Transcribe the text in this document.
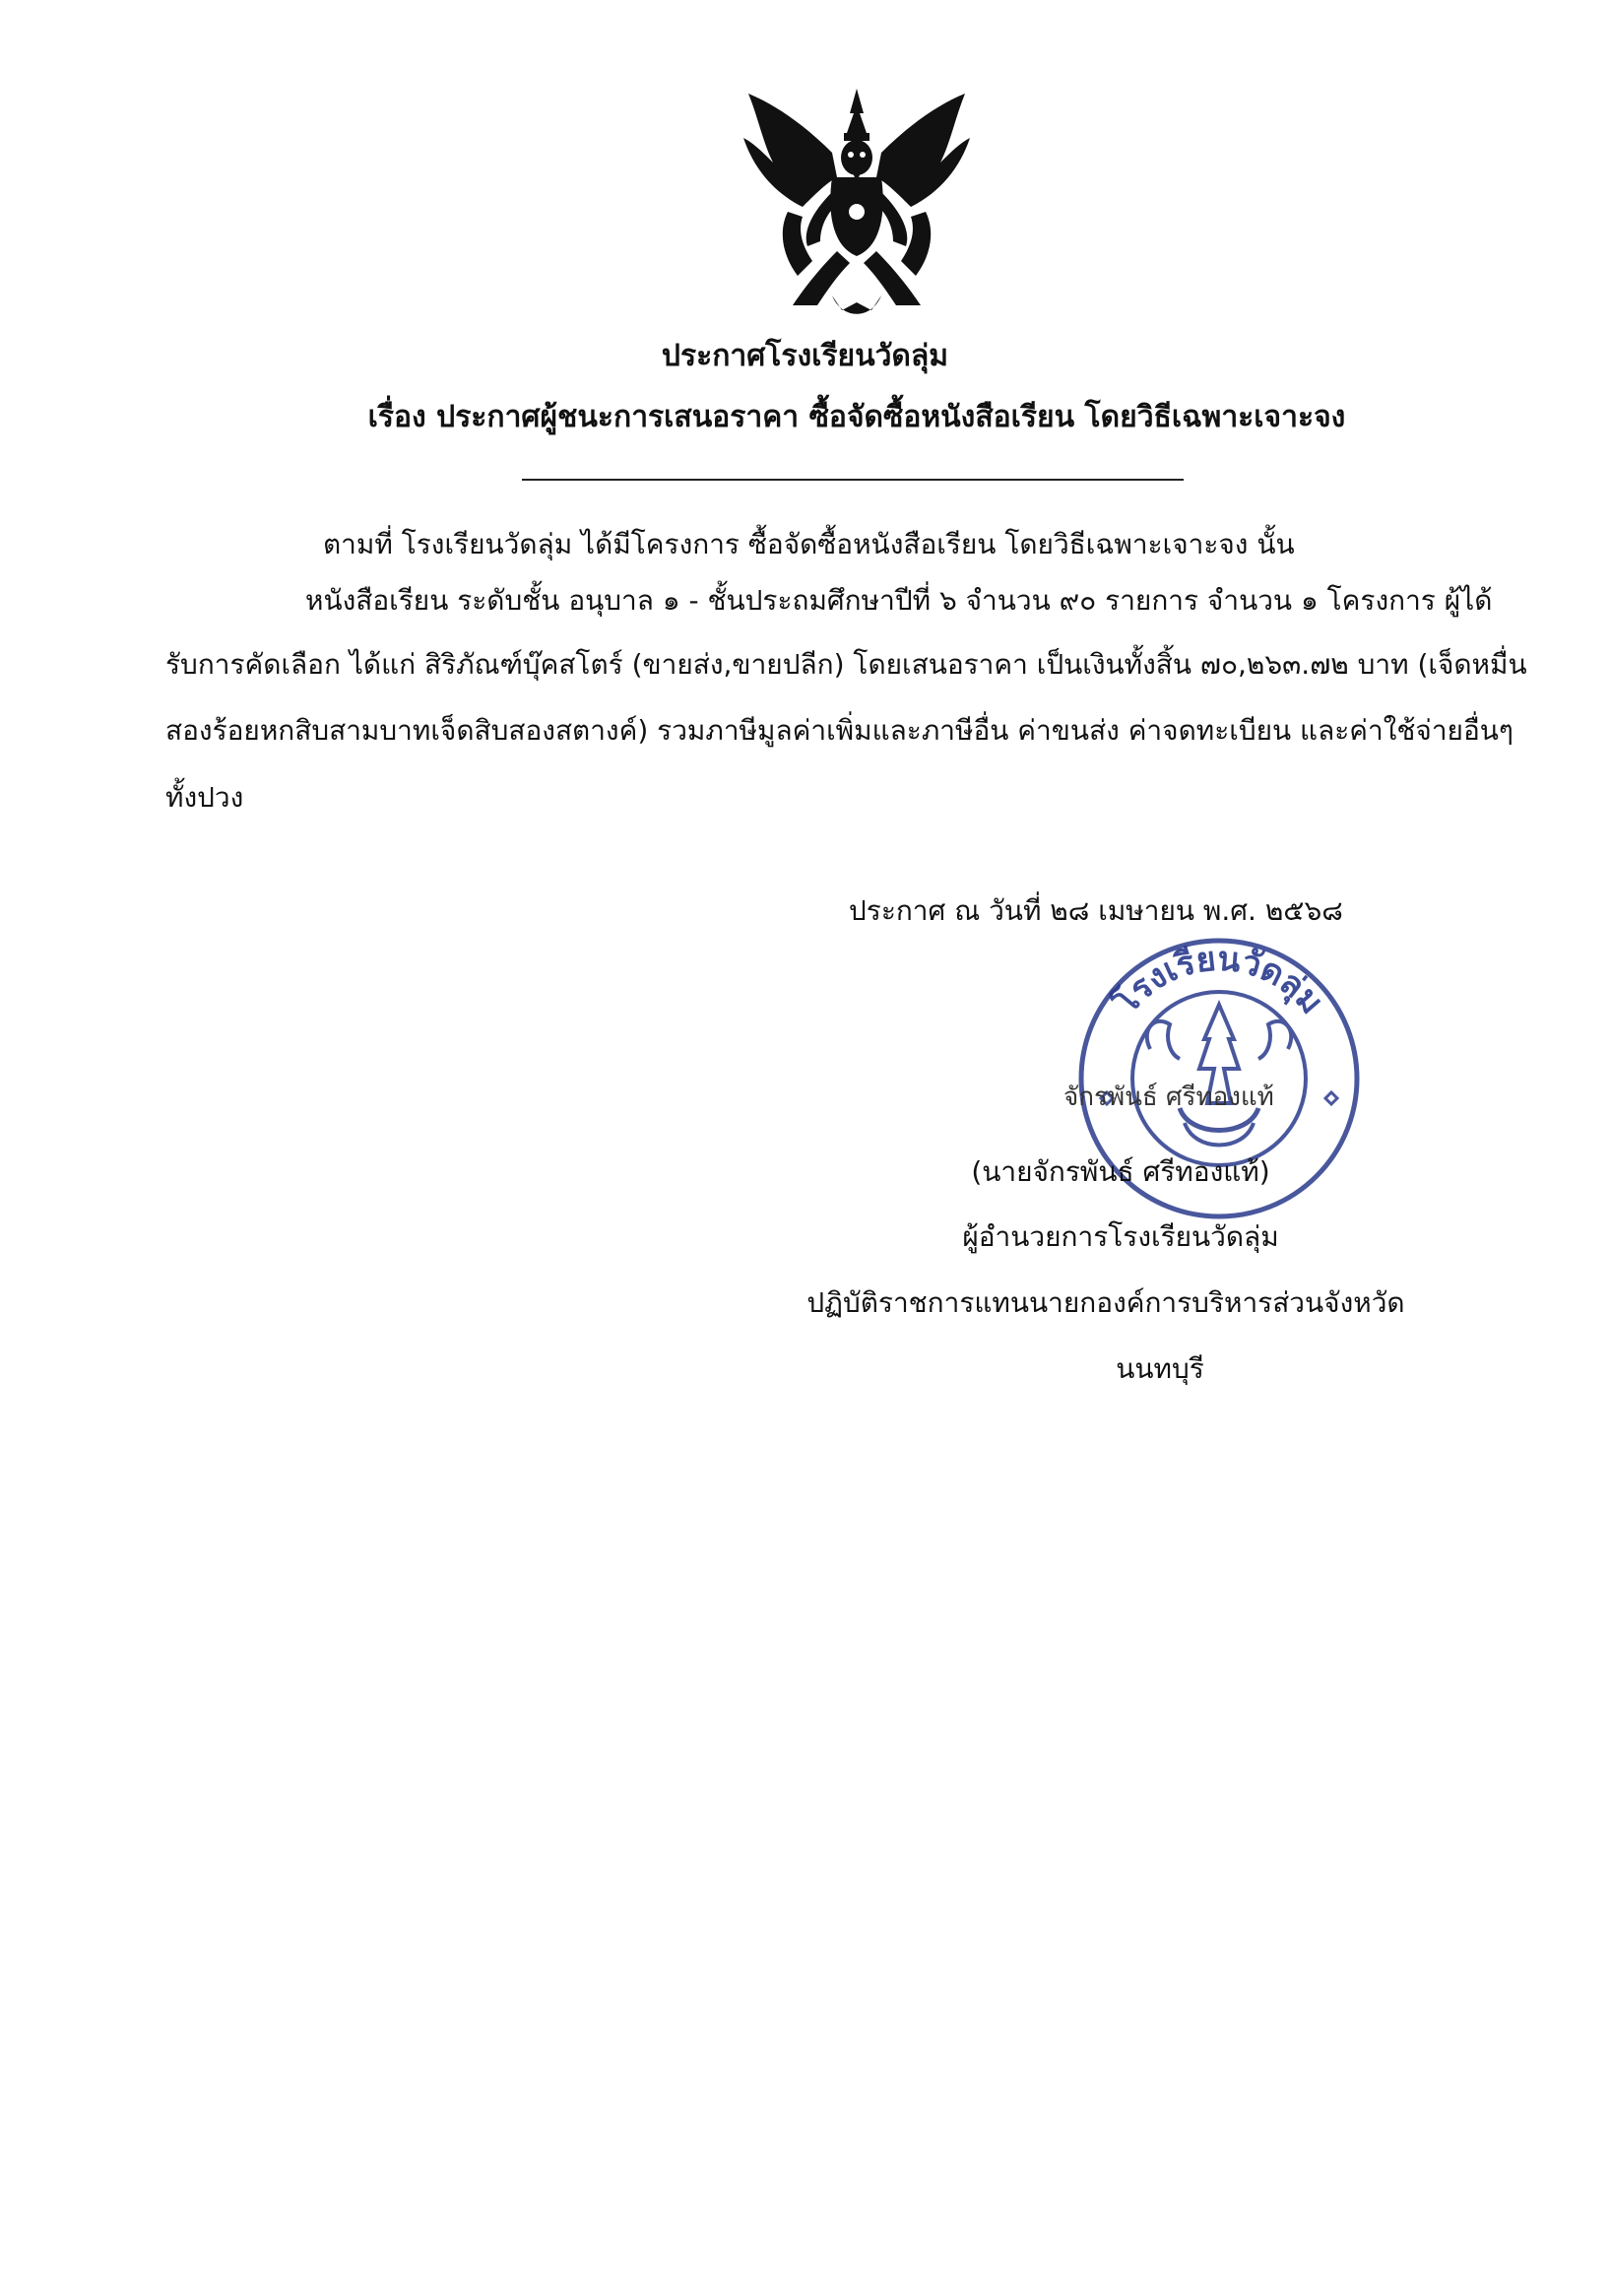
ประกาศโรงเรียนวัดลุ่ม
เรื่อง ประกาศผู้ชนะการเสนอราคา ซื้อจัดซื้อหนังสือเรียน โดยวิธีเฉพาะเจาะจง
ตามที่ โรงเรียนวัดลุ่ม ได้มีโครงการ ซื้อจัดซื้อหนังสือเรียน โดยวิธีเฉพาะเจาะจง นั้น
หนังสือเรียน ระดับชั้น อนุบาล ๑ - ชั้นประถมศึกษาปีที่ ๖ จำนวน ๙๐ รายการ จำนวน ๑ โครงการ ผู้ได้
รับการคัดเลือก ได้แก่ สิริภัณฑ์บุ๊คสโตร์ (ขายส่ง,ขายปลีก) โดยเสนอราคา เป็นเงินทั้งสิ้น ๗๐,๒๖๓.๗๒ บาท (เจ็ดหมื่น
สองร้อยหกสิบสามบาทเจ็ดสิบสองสตางค์) รวมภาษีมูลค่าเพิ่มและภาษีอื่น ค่าขนส่ง ค่าจดทะเบียน และค่าใช้จ่ายอื่นๆ
ทั้งปวง
ประกาศ ณ วันที่ ๒๘ เมษายน พ.ศ. ๒๕๖๘
โรงเรียนวัดลุ่ม
จักรพันธ์ ศรีทองแท้
(นายจักรพันธ์ ศรีทองแท้)
ผู้อำนวยการโรงเรียนวัดลุ่ม
ปฏิบัติราชการแทนนายกองค์การบริหารส่วนจังหวัด
นนทบุรี
